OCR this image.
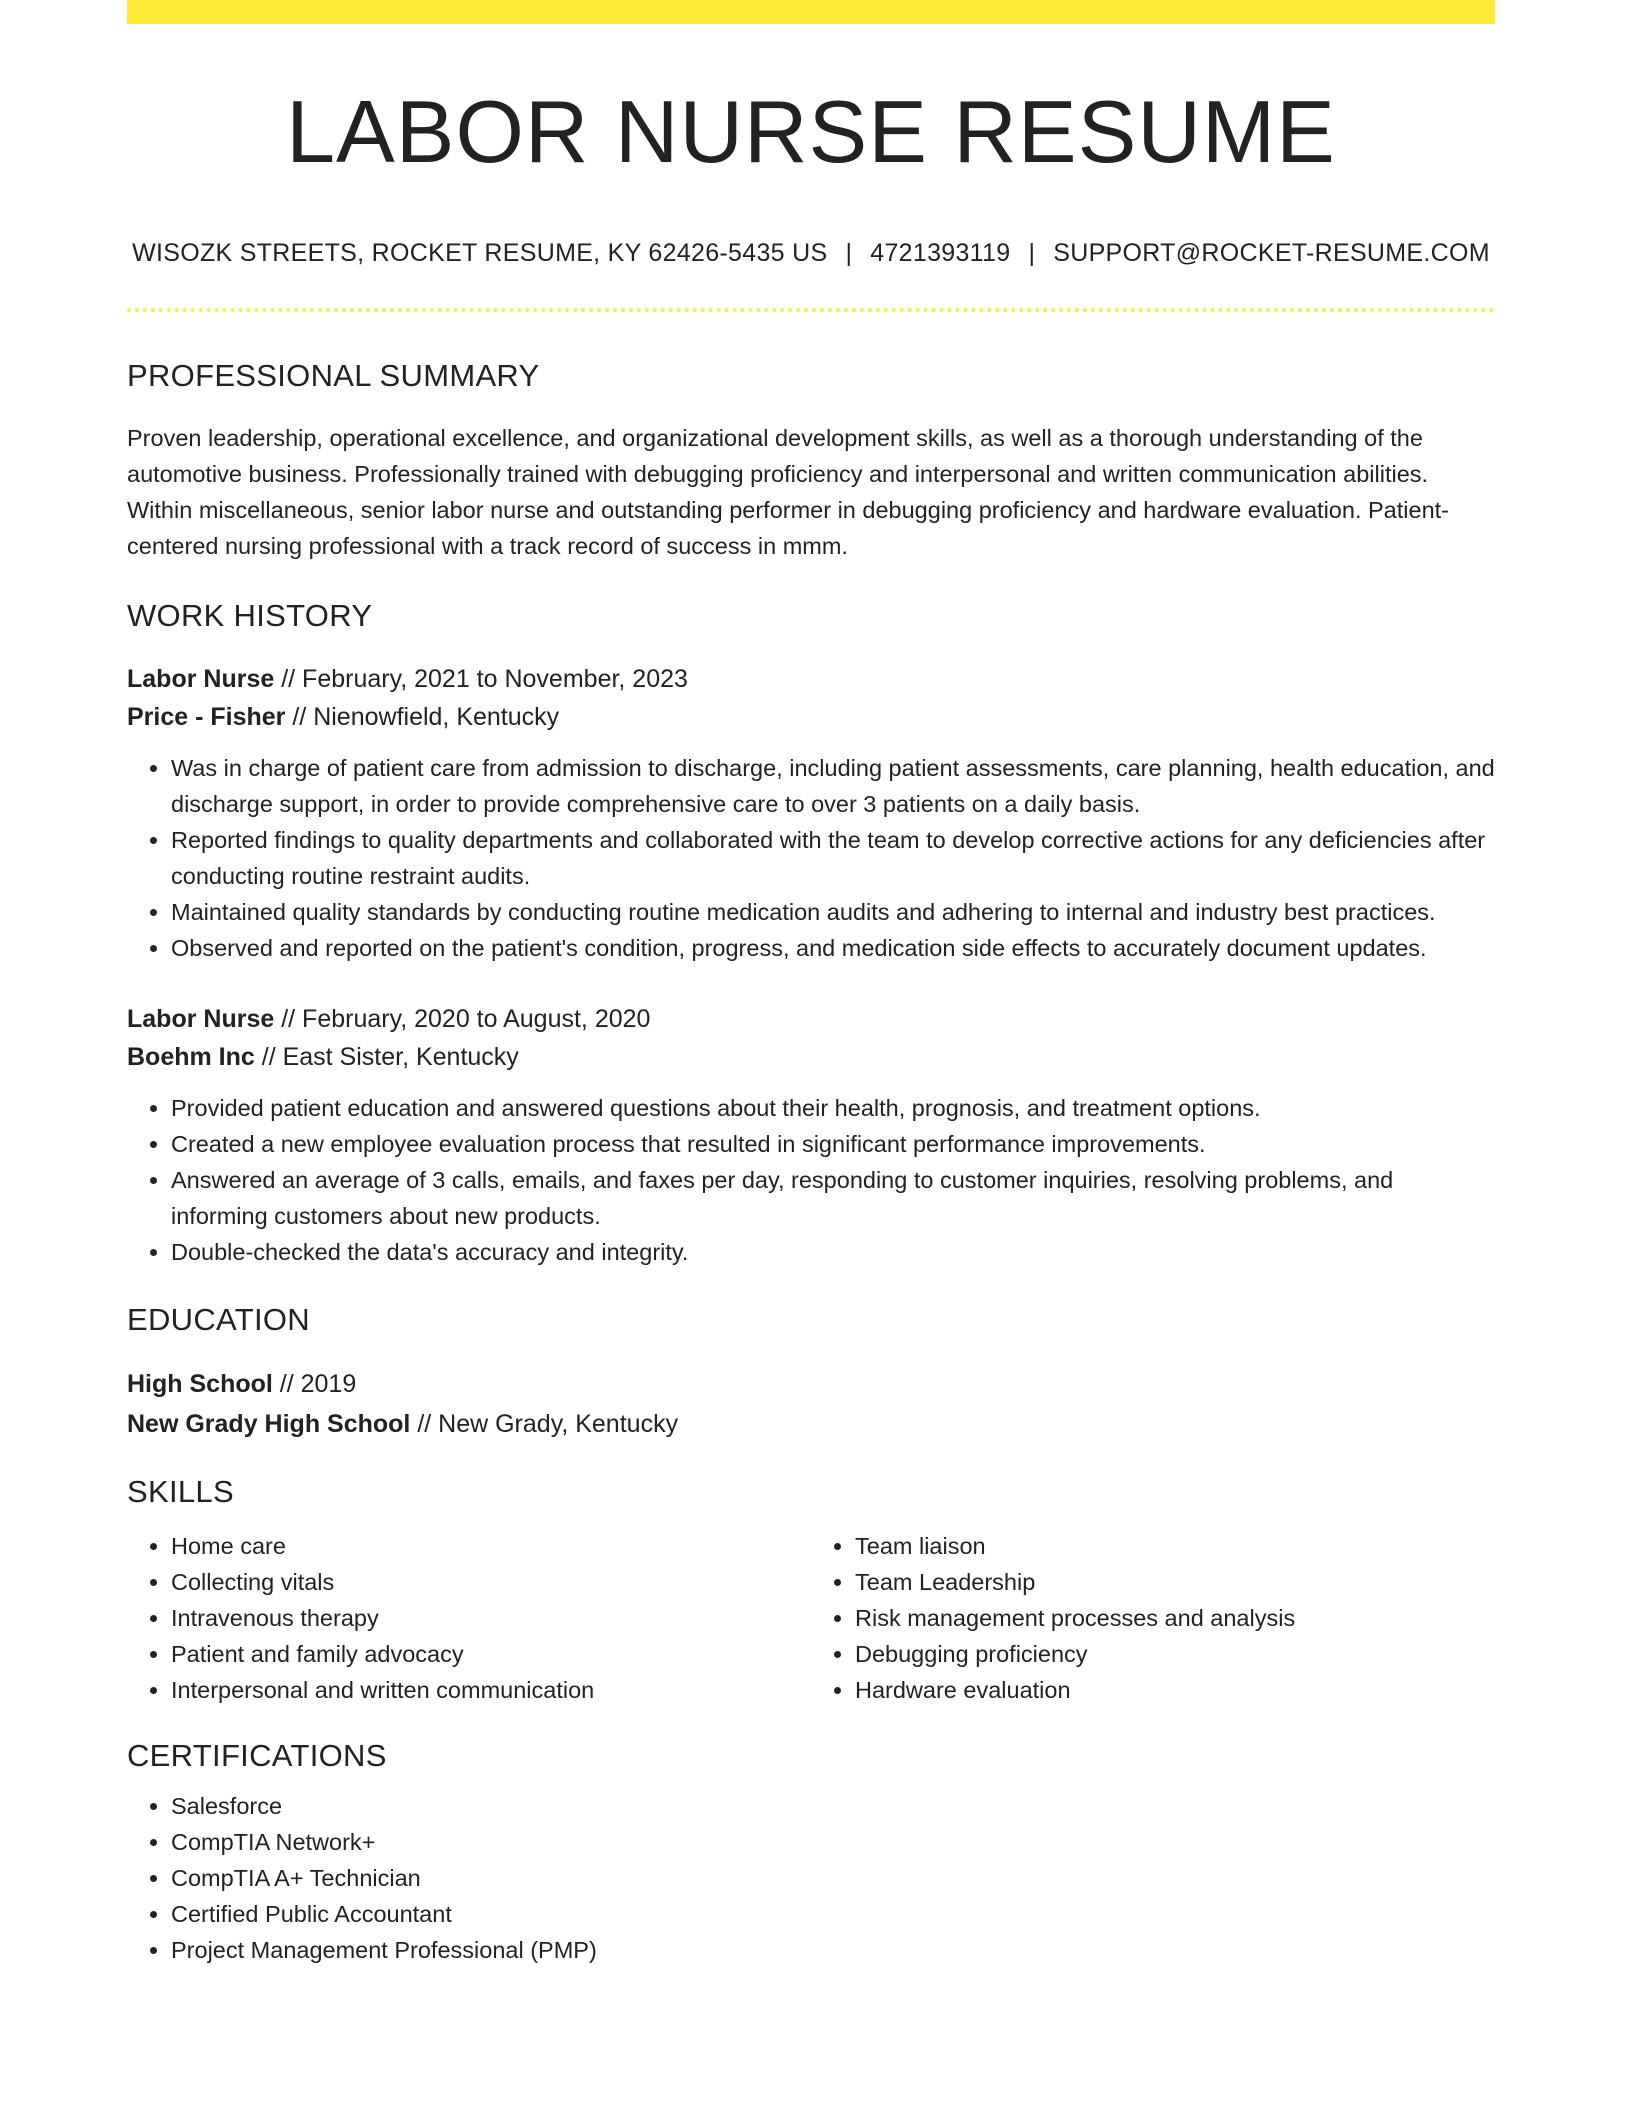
LABOR NURSE RESUME
WISOZK STREETS, ROCKET RESUME, KY 62426-5435 US | 4721393119 | SUPPORT@ROCKET-RESUME.COM
PROFESSIONAL SUMMARY
Proven leadership, operational excellence, and organizational development skills, as well as a thorough understanding of the automotive business. Professionally trained with debugging proficiency and interpersonal and written communication abilities. Within miscellaneous, senior labor nurse and outstanding performer in debugging proficiency and hardware evaluation. Patient-centered nursing professional with a track record of success in mmm.
WORK HISTORY
Labor Nurse // February, 2021 to November, 2023
Price - Fisher // Nienowfield, Kentucky
• Was in charge of patient care from admission to discharge, including patient assessments, care planning, health education, and discharge support, in order to provide comprehensive care to over 3 patients on a daily basis.
• Reported findings to quality departments and collaborated with the team to develop corrective actions for any deficiencies after conducting routine restraint audits.
• Maintained quality standards by conducting routine medication audits and adhering to internal and industry best practices.
• Observed and reported on the patient's condition, progress, and medication side effects to accurately document updates.
Labor Nurse // February, 2020 to August, 2020
Boehm Inc // East Sister, Kentucky
• Provided patient education and answered questions about their health, prognosis, and treatment options.
• Created a new employee evaluation process that resulted in significant performance improvements.
• Answered an average of 3 calls, emails, and faxes per day, responding to customer inquiries, resolving problems, and informing customers about new products.
• Double-checked the data's accuracy and integrity.
EDUCATION
High School // 2019
New Grady High School // New Grady, Kentucky
SKILLS
• Home care
• Collecting vitals
• Intravenous therapy
• Patient and family advocacy
• Interpersonal and written communication
• Team liaison
• Team Leadership
• Risk management processes and analysis
• Debugging proficiency
• Hardware evaluation
CERTIFICATIONS
• Salesforce
• CompTIA Network+
• CompTIA A+ Technician
• Certified Public Accountant
• Project Management Professional (PMP)
